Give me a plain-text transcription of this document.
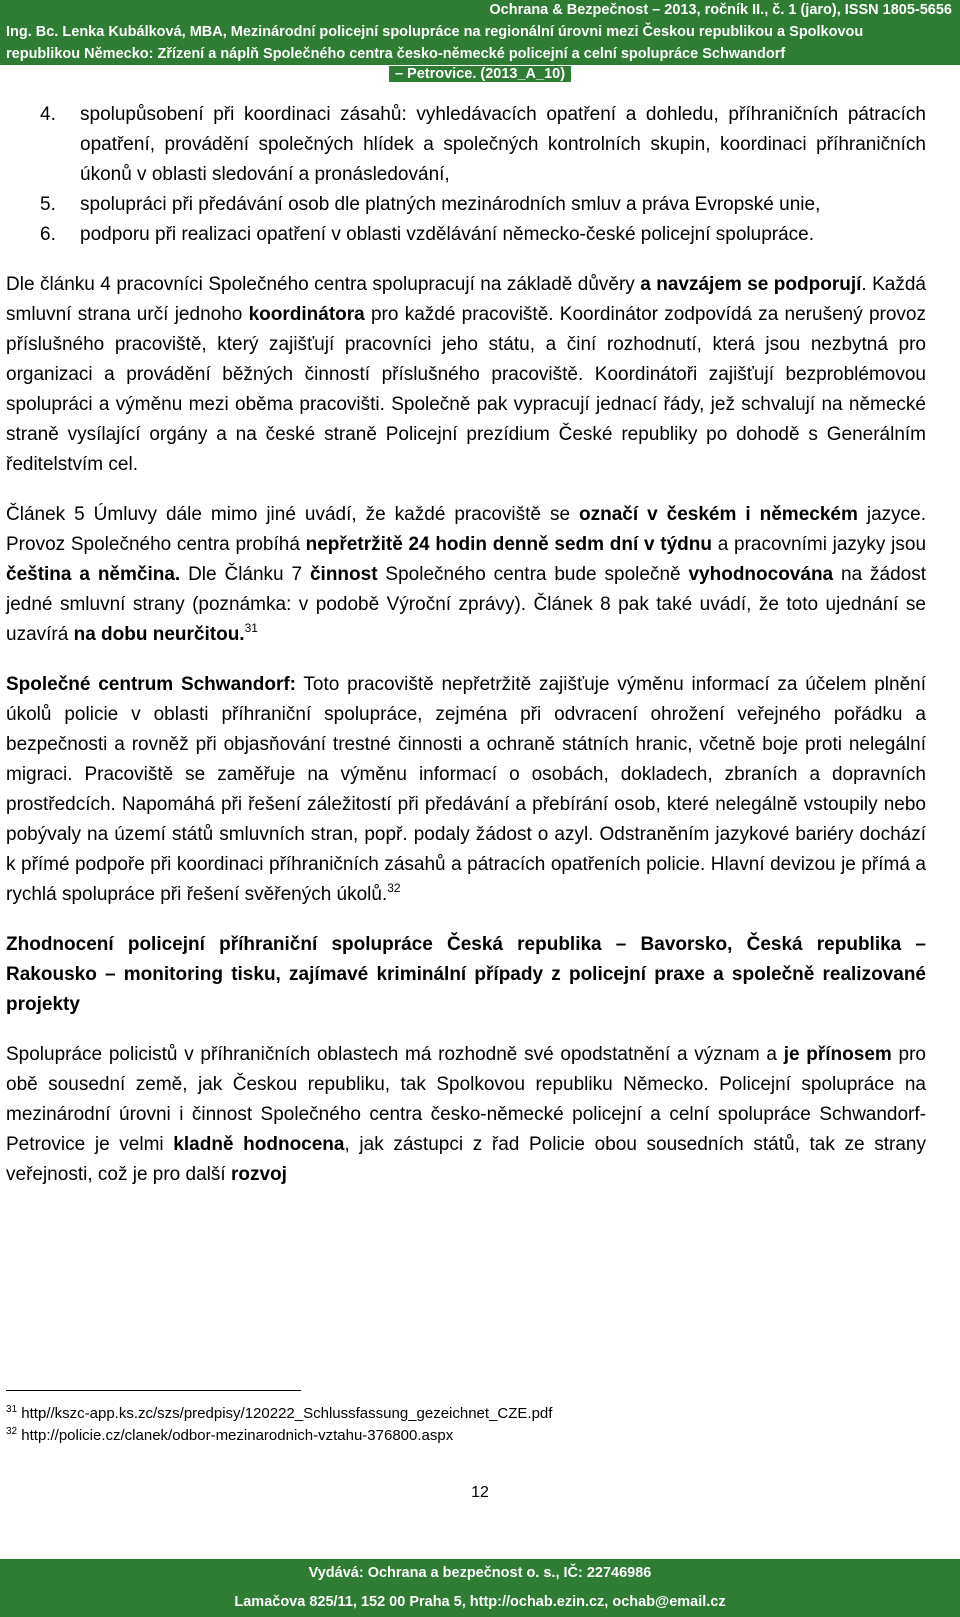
Ochrana & Bezpečnost – 2013, ročník II., č. 1 (jaro), ISSN 1805-5656
Ing. Bc. Lenka Kubálková, MBA, Mezinárodní policejní spolupráce na regionální úrovni mezi Českou republikou a Spolkovou
republikou Německo: Zřízení a náplň Společného centra česko-německé policejní a celní spolupráce Schwandorf
– Petrovice. (2013_A_10)
4. spolupůsobení při koordinaci zásahů: vyhledávacích opatření a dohledu, příhraničních pátracích opatření, provádění společných hlídek a společných kontrolních skupin, koordinaci příhraničních úkonů v oblasti sledování a pronásledování,
5. spolupráci při předávání osob dle platných mezinárodních smluv a práva Evropské unie,
6. podporu při realizaci opatření v oblasti vzdělávání německo-české policejní spolupráce.

Dle článku 4 pracovníci Společného centra spolupracují na základě důvěry a navzájem se podporují. Každá smluvní strana určí jednoho koordinátora pro každé pracoviště. Koordinátor zodpovídá za nerušený provoz příslušného pracoviště, který zajišťují pracovníci jeho státu, a činí rozhodnutí, která jsou nezbytná pro organizaci a provádění běžných činností příslušného pracoviště. Koordinátoři zajišťují bezproblémovou spolupráci a výměnu mezi oběma pracovišti. Společně pak vypracují jednací řády, jež schvalují na německé straně vysílající orgány a na české straně Policejní prezídium České republiky po dohodě s Generálním ředitelstvím cel.

Článek 5 Úmluvy dále mimo jiné uvádí, že každé pracoviště se označí v českém i německém jazyce. Provoz Společného centra probíhá nepřetržitě 24 hodin denně sedm dní v týdnu a pracovními jazyky jsou čeština a němčina. Dle Článku 7 činnost Společného centra bude společně vyhodnocována na žádost jedné smluvní strany (poznámka: v podobě Výroční zprávy). Článek 8 pak také uvádí, že toto ujednání se uzavírá na dobu neurčitou.$^{31}$

Společné centrum Schwandorf: Toto pracoviště nepřetržitě zajišťuje výměnu informací za účelem plnění úkolů policie v oblasti příhraniční spolupráce, zejména při odvracení ohrožení veřejného pořádku a bezpečnosti a rovněž při objasňování trestné činnosti a ochraně státních hranic, včetně boje proti nelegální migraci. Pracoviště se zaměřuje na výměnu informací o osobách, dokladech, zbraních a dopravních prostředcích. Napomáhá při řešení záležitostí při předávání a přebírání osob, které nelegálně vstoupily nebo pobývaly na území států smluvních stran, popř. podaly žádost o azyl. Odstraněním jazykové bariéry dochází k přímé podpoře při koordinaci příhraničních zásahů a pátracích opatřeních policie. Hlavní devizou je přímá a rychlá spolupráce při řešení svěřených úkolů.$^{32}$

Zhodnocení policejní příhraniční spolupráce Česká republika – Bavorsko, Česká republika – Rakousko – monitoring tisku, zajímavé kriminální případy z policejní praxe a společně realizované projekty

Spolupráce policistů v příhraničních oblastech má rozhodně své opodstatnění a význam a je přínosem pro obě sousední země, jak Českou republiku, tak Spolkovou republiku Německo. Policejní spolupráce na mezinárodní úrovni i činnost Společného centra česko-německé policejní a celní spolupráce Schwandorf-Petrovice je velmi kladně hodnocena, jak zástupci z řad Policie obou sousedních států, tak ze strany veřejnosti, což je pro další rozvoj

$^{31}$ http//kszc-app.ks.zc/szs/predpisy/120222_Schlussfassung_gezeichnet_CZE.pdf
$^{32}$ http://policie.cz/clanek/odbor-mezinarodnich-vztahu-376800.aspx
12
Vydává: Ochrana a bezpečnost o. s., IČ: 22746986
Lamačova 825/11, 152 00 Praha 5, http://ochab.ezin.cz, ochab@email.cz
